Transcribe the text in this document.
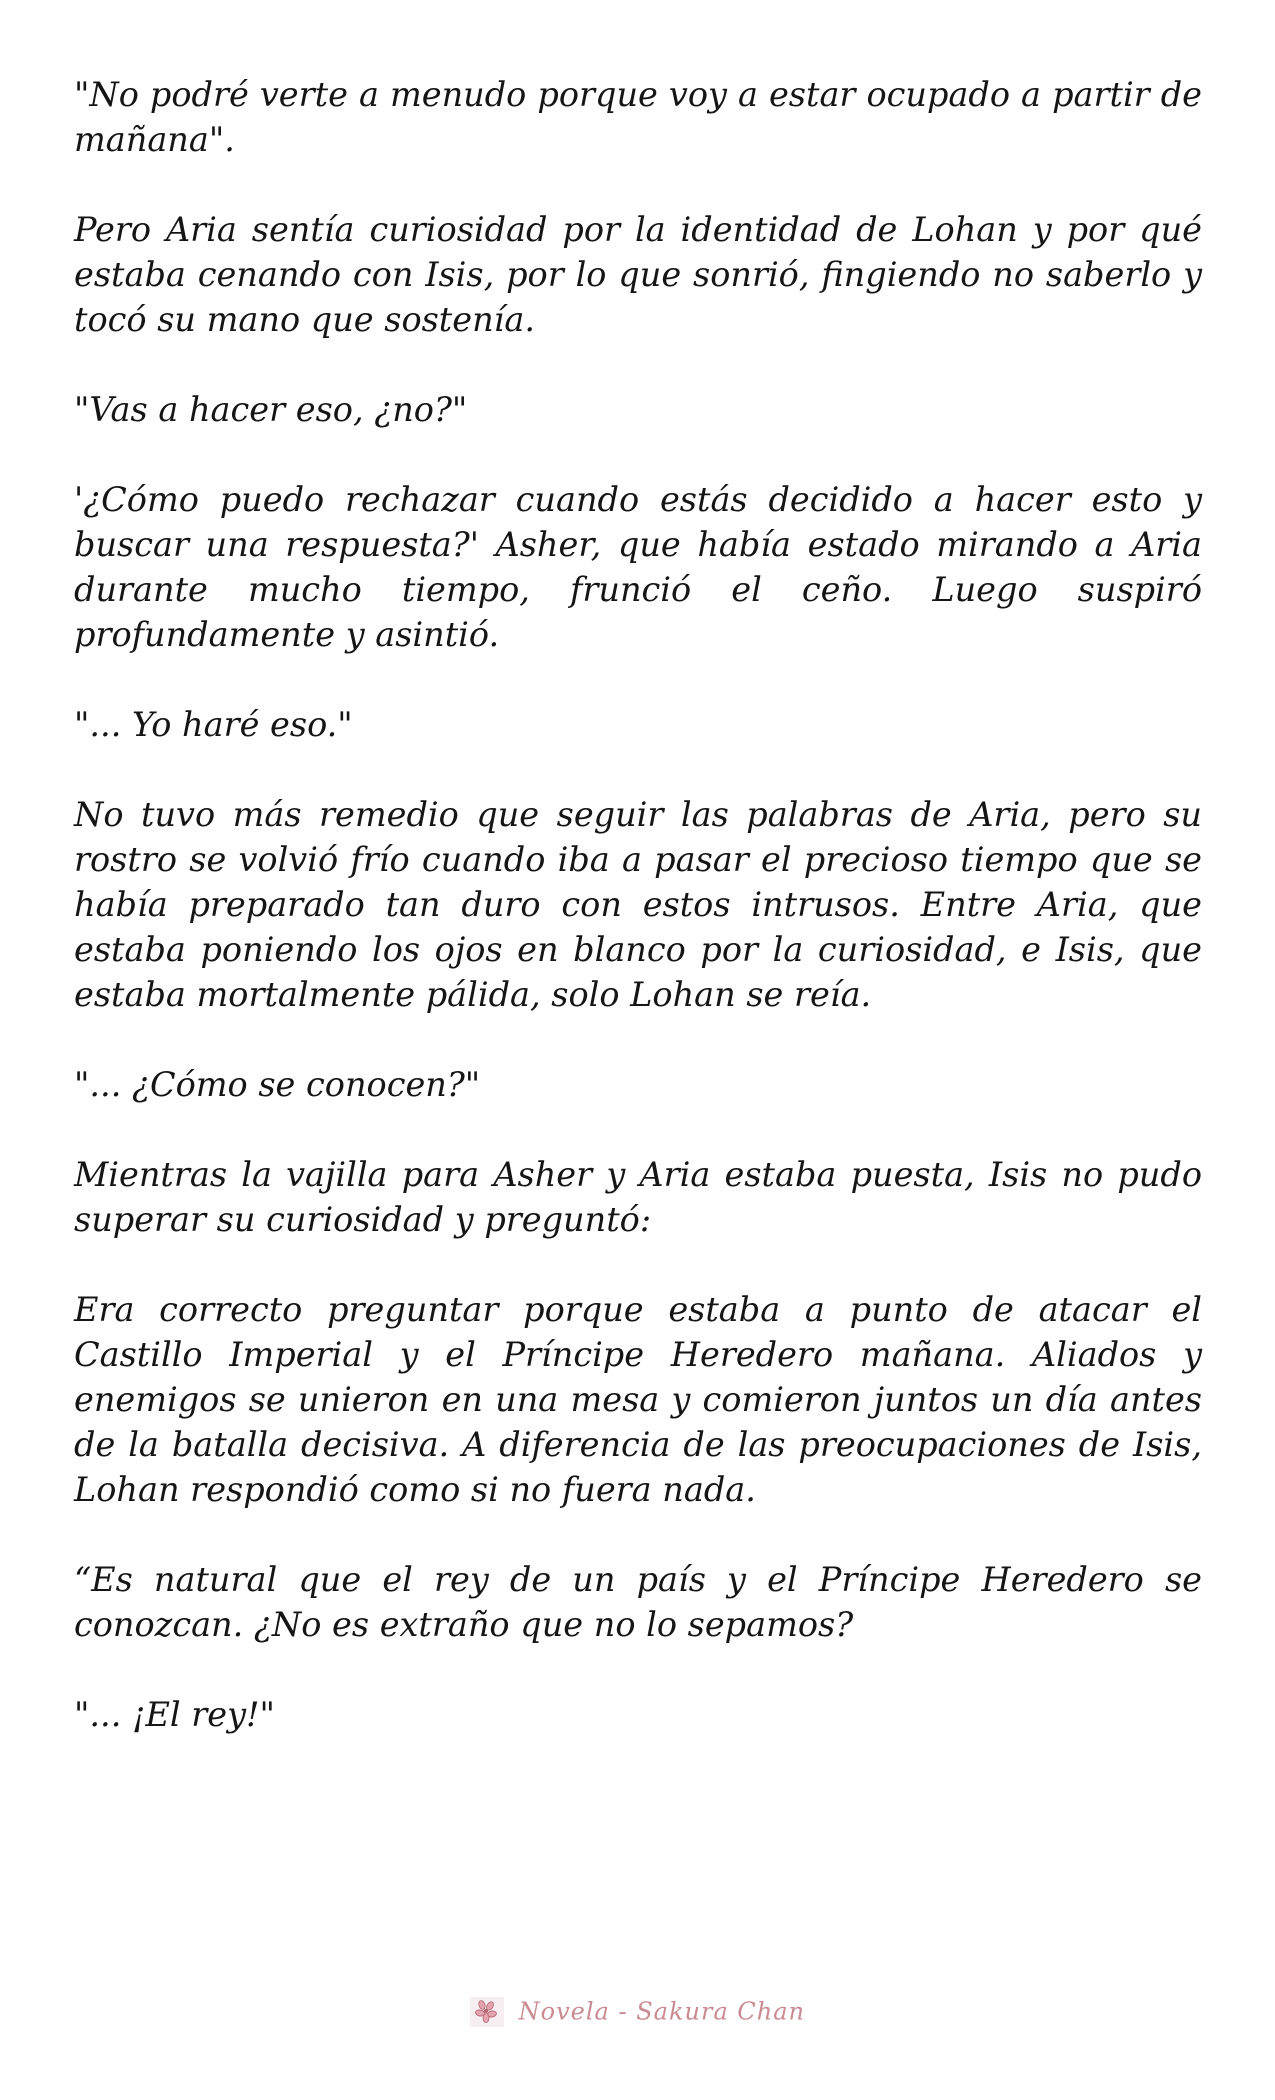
"No podré verte a menudo porque voy a estar ocupado a partir de mañana".

Pero Aria sentía curiosidad por la identidad de Lohan y por qué estaba cenando con Isis, por lo que sonrió, fingiendo no saberlo y tocó su mano que sostenía.

"Vas a hacer eso, ¿no?"

'¿Cómo puedo rechazar cuando estás decidido a hacer esto y buscar una respuesta?' Asher, que había estado mirando a Aria durante mucho tiempo, frunció el ceño. Luego suspiró profundamente y asintió.

"... Yo haré eso."

No tuvo más remedio que seguir las palabras de Aria, pero su rostro se volvió frío cuando iba a pasar el precioso tiempo que se había preparado tan duro con estos intrusos. Entre Aria, que estaba poniendo los ojos en blanco por la curiosidad, e Isis, que estaba mortalmente pálida, solo Lohan se reía.

"... ¿Cómo se conocen?"

Mientras la vajilla para Asher y Aria estaba puesta, Isis no pudo superar su curiosidad y preguntó:

Era correcto preguntar porque estaba a punto de atacar el Castillo Imperial y el Príncipe Heredero mañana. Aliados y enemigos se unieron en una mesa y comieron juntos un día antes de la batalla decisiva. A diferencia de las preocupaciones de Isis, Lohan respondió como si no fuera nada.

“Es natural que el rey de un país y el Príncipe Heredero se conozcan. ¿No es extraño que no lo sepamos?

"... ¡El rey!"

Novela - Sakura Chan
